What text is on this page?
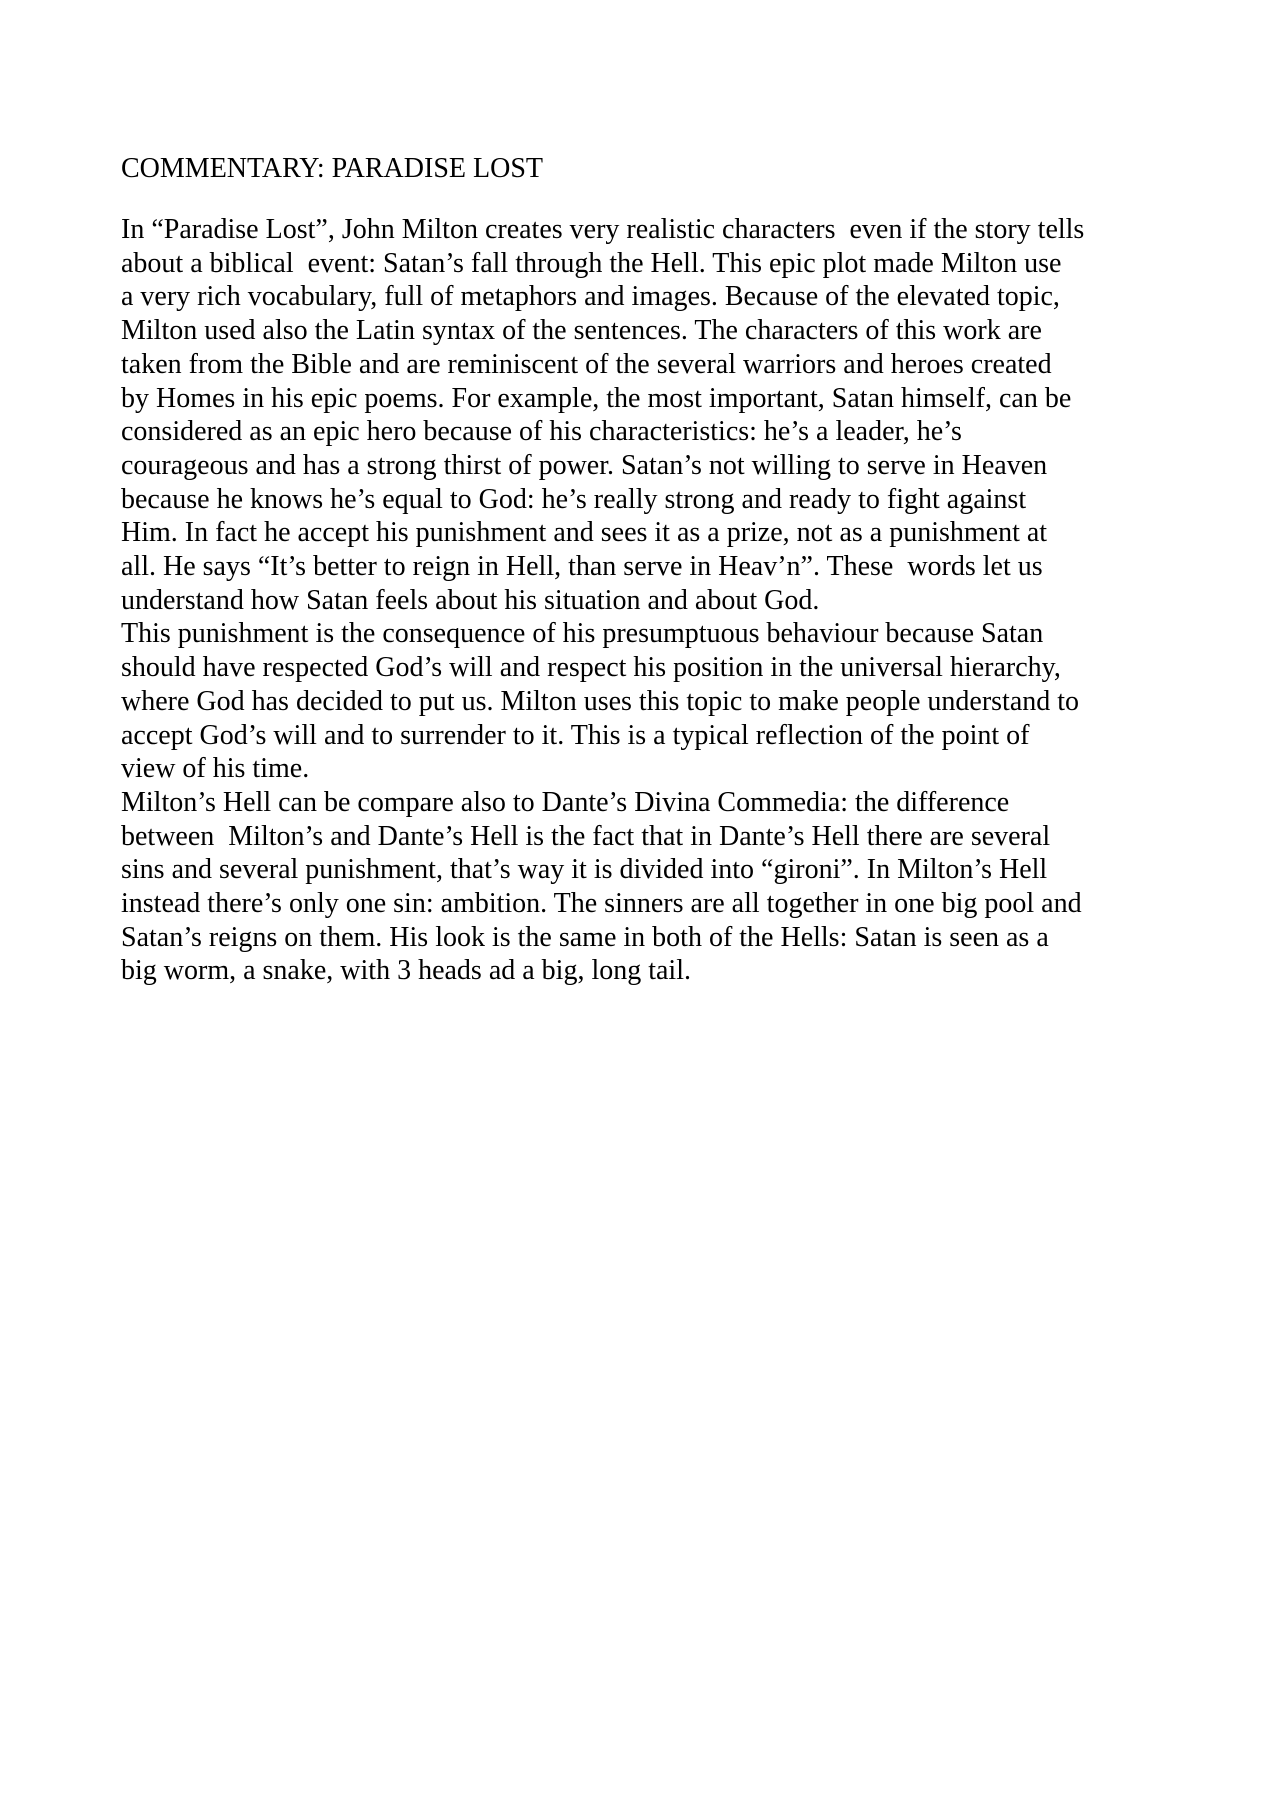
COMMENTARY: PARADISE LOST

In “Paradise Lost”, John Milton creates very realistic characters  even if the story tells

about a biblical  event: Satan’s fall through the Hell. This epic plot made Milton use

a very rich vocabulary, full of metaphors and images. Because of the elevated topic,

Milton used also the Latin syntax of the sentences. The characters of this work are

taken from the Bible and are reminiscent of the several warriors and heroes created

by Homes in his epic poems. For example, the most important, Satan himself, can be

considered as an epic hero because of his characteristics: he’s a leader, he’s

courageous and has a strong thirst of power. Satan’s not willing to serve in Heaven

because he knows he’s equal to God: he’s really strong and ready to fight against

Him. In fact he accept his punishment and sees it as a prize, not as a punishment at

all. He says “It’s better to reign in Hell, than serve in Heav’n”. These  words let us

understand how Satan feels about his situation and about God.

This punishment is the consequence of his presumptuous behaviour because Satan

should have respected God’s will and respect his position in the universal hierarchy,

where God has decided to put us. Milton uses this topic to make people understand to

accept God’s will and to surrender to it. This is a typical reflection of the point of

view of his time.

Milton’s Hell can be compare also to Dante’s Divina Commedia: the difference

between  Milton’s and Dante’s Hell is the fact that in Dante’s Hell there are several

sins and several punishment, that’s way it is divided into “gironi”. In Milton’s Hell

instead there’s only one sin: ambition. The sinners are all together in one big pool and

Satan’s reigns on them. His look is the same in both of the Hells: Satan is seen as a

big worm, a snake, with 3 heads ad a big, long tail.
